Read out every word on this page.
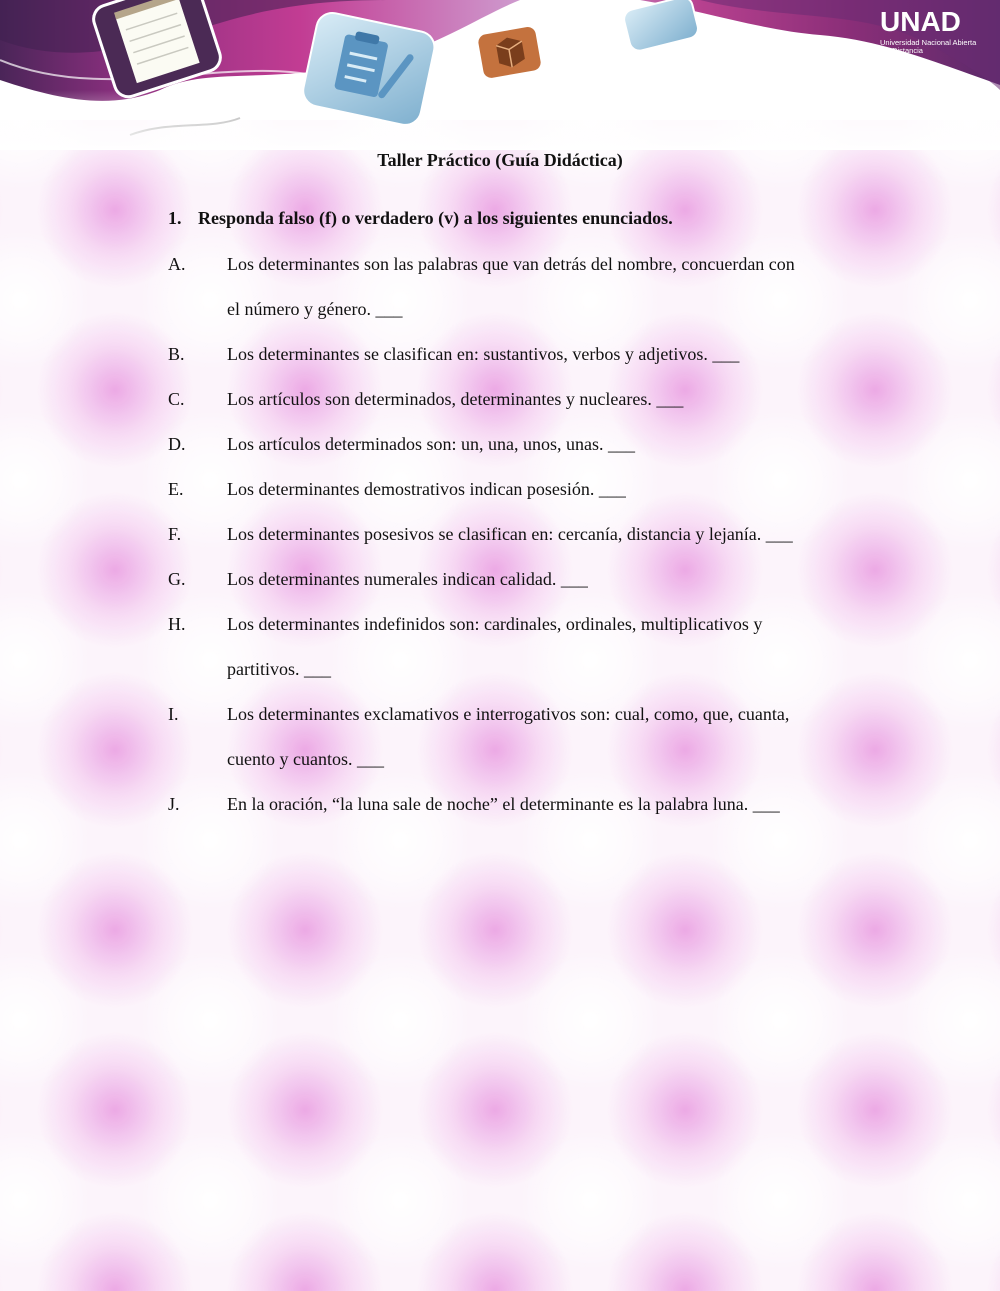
UNAD
Universidad Nacional Abierta y a Distancia
Taller Práctico (Guía Didáctica)
1. Responda falso (f) o verdadero (v) a los siguientes enunciados.
A.	Los determinantes son las palabras que van detrás del nombre, concuerdan con
el número y género. ___
B.	Los determinantes se clasifican en: sustantivos, verbos y adjetivos. ___
C.	Los artículos son determinados, determinantes y nucleares. ___
D.	Los artículos determinados son: un, una, unos, unas. ___
E.	Los determinantes demostrativos indican posesión. ___
F.	Los determinantes posesivos se clasifican en: cercanía, distancia y lejanía. ___
G.	Los determinantes numerales indican calidad. ___
H.	Los determinantes indefinidos son: cardinales, ordinales, multiplicativos y
partitivos. ___
I.	Los determinantes exclamativos e interrogativos son: cual, como, que, cuanta,
cuento y cuantos. ___
J.	En la oración, “la luna sale de noche” el determinante es la palabra luna. ___
